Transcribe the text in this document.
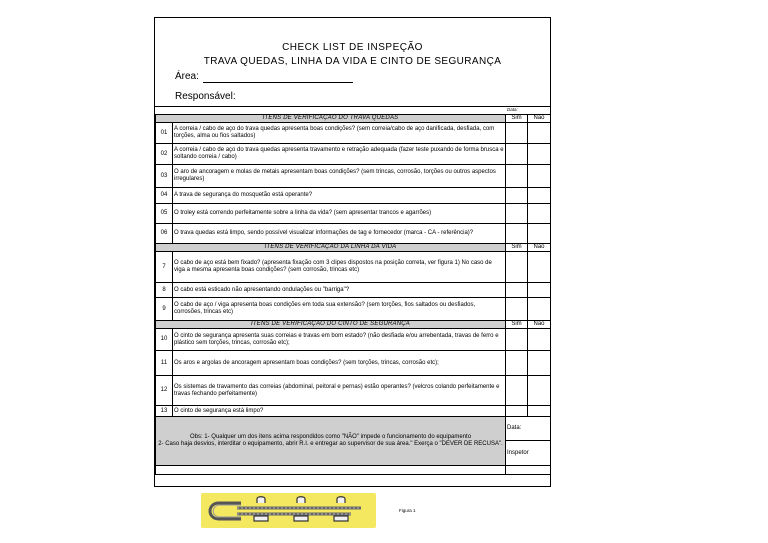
CHECK LIST DE INSPEÇÃO
TRAVA QUEDAS, LINHA DA VIDA E CINTO DE SEGURANÇA
Área:
Responsável:
Data:
ITENS DE VERIFICAÇÃO DO TRAVA QUEDAS		Sim	Não
01	A correia / cabo de aço do trava quedas apresenta boas condições? (sem correia/cabo de aço danificada, desfiada, com torções, alma ou fios saltados)		
02	A correia / cabo de aço do trava quedas apresenta travamento e retração adequada (fazer teste puxando de forma brusca e soltando correia / cabo)		
03	O aro de ancoragem e molas de metais apresentam boas condições? (sem trincas, corrosão, torções ou outros aspectos irregulares)		
04	A trava de segurança do mosquetão está operante?		
05	O troley está correndo perfeitamente sobre a linha da vida? (sem apresentar trancos e agarrões)		
06	O trava quedas está limpo, sendo possível visualizar informações de tag e fornecedor (marca - CA - referência)?		
ITENS DE VERIFICAÇÃO DA LINHA DA VIDA		Sim	Não
7	O cabo de aço está bem fixado? (apresenta fixação com 3 clipes dispostos na posição correta, ver figura 1) No caso de viga a mesma apresenta boas condições? (sem corrosão, trincas etc)		
8	O cabo está esticado não apresentando ondulações ou "barriga"?		
9	O cabo de aço / viga apresenta boas condições em toda sua extensão? (sem torções, fios saltados ou desfiados, corrosões, trincas etc)		
ITENS DE VERIFICAÇÃO DO CINTO DE SEGURANÇA		Sim	Não
10	O cinto de segurança apresenta suas correias e travas em bom estado? (não desfiada e/ou arrebentada, travas de ferro e plástico sem torções, trincas, corrosão etc);		
11	Os aros e argolas de ancoragem apresentam boas condições? (sem torções, trincas, corrosão etc);		
12	Os sistemas de travamento das correias (abdominal, peitoral e pernas) estão operantes? (velcros colando perfeitamente e travas fechando perfeitamente)		
13	O cinto de segurança está limpo?		

Obs: 1- Qualquer um dos itens acima respondidos como "NÃO" impede o funcionamento do equipamento
2- Caso haja desvios, interditar o equipamento, abrir R.I. e entregar ao supervisor de sua área." Exerça o "DEVER DE RECUSA".		Data:	
		Inspetor	

Figura 1
